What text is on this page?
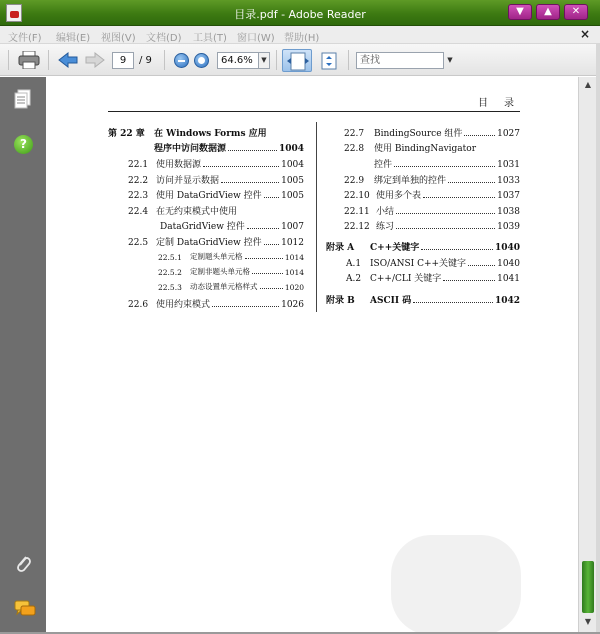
目录.pdf - Adobe Reader	▼	▲	✕
文件(F) 编辑(E) 视图(V) 文档(D) 工具(T) 窗口(W) 帮助(H)	×
9	/ 9	64.6%	▼	查找	▼
?
目录
第 22 章	在 Windows Forms 应用
程序中访问数据源	1004
22.1 使用数据源	1004
22.2 访问并显示数据	1005
22.3 使用 DataGridView 控件 1005
22.4 在无约束模式中使用
DataGridView 控件	1007
22.5 定制 DataGridView 控件 1012
22.5.1	定制题头单元格	1014
22.5.2	定制非题头单元格	1014
22.5.3	动态设置单元格样式	1020
22.6 使用约束模式	1026
22.7	BindingSource 组件	1027
22.8	使用 BindingNavigator
控件	1031
22.9	绑定到单独的控件	1033
22.10 使用多个表	1037
22.11 小结	1038
22.12 练习	1039
附录 A	C++关键字	1040
A.1 ISO/ANSI C++关键字	1040
A.2 C++/CLI 关键字	1041
附录 B	ASCII 码	1042
▲
▼
